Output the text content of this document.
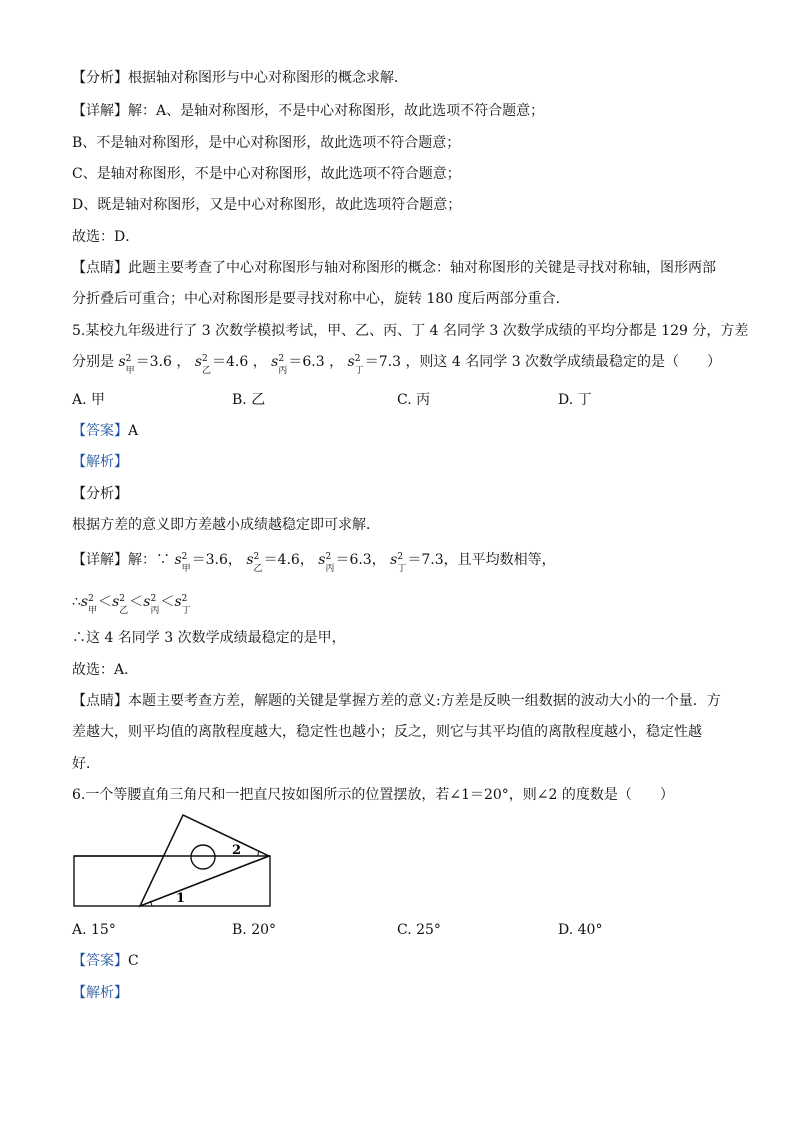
【分析】根据轴对称图形与中心对称图形的概念求解．
【详解】解：A、是轴对称图形，不是中心对称图形，故此选项不符合题意；
B、不是轴对称图形，是中心对称图形，故此选项不符合题意；
C、是轴对称图形，不是中心对称图形，故此选项不符合题意；
D、既是轴对称图形，又是中心对称图形，故此选项符合题意；
故选：D．
【点睛】此题主要考查了中心对称图形与轴对称图形的概念：轴对称图形的关键是寻找对称轴，图形两部
分折叠后可重合；中心对称图形是要寻找对称中心，旋转 180 度后两部分重合．
5.某校九年级进行了 3 次数学模拟考试，甲、乙、丙、丁 4 名同学 3 次数学成绩的平均分都是 129 分，方差
分别是 s 2
甲
＝3.6 ， s 2
乙
＝4.6 ， s 2
丙
＝6.3 ， s 2
丁
＝7.3 ，则这 4 名同学 3 次数学成绩最稳定的是（　　）
A. 甲	B. 乙	C. 丙	D. 丁
【答案】A
【解析】
【分析】
根据方差的意义即方差越小成绩越稳定即可求解．
【详解】解：∵ s 2
甲
＝3.6， s 2
乙
＝4.6， s 2
丙
＝6.3， s 2
丁
＝7.3，且平均数相等，
∴s 2
甲
＜s 2
乙
＜s 2
丙
＜s 2
丁
∴这 4 名同学 3 次数学成绩最稳定的是甲，
故选：A．
【点睛】本题主要考查方差，解题的关键是掌握方差的意义:方差是反映一组数据的波动大小的一个量．方
差越大，则平均值的离散程度越大，稳定性也越小；反之，则它与其平均值的离散程度越小，稳定性越
好．
6.一个等腰直角三角尺和一把直尺按如图所示的位置摆放，若∠1＝20°，则∠2 的度数是（　　）
1
2
A. 15°	B. 20°	C. 25°	D. 40°
【答案】C
【解析】
